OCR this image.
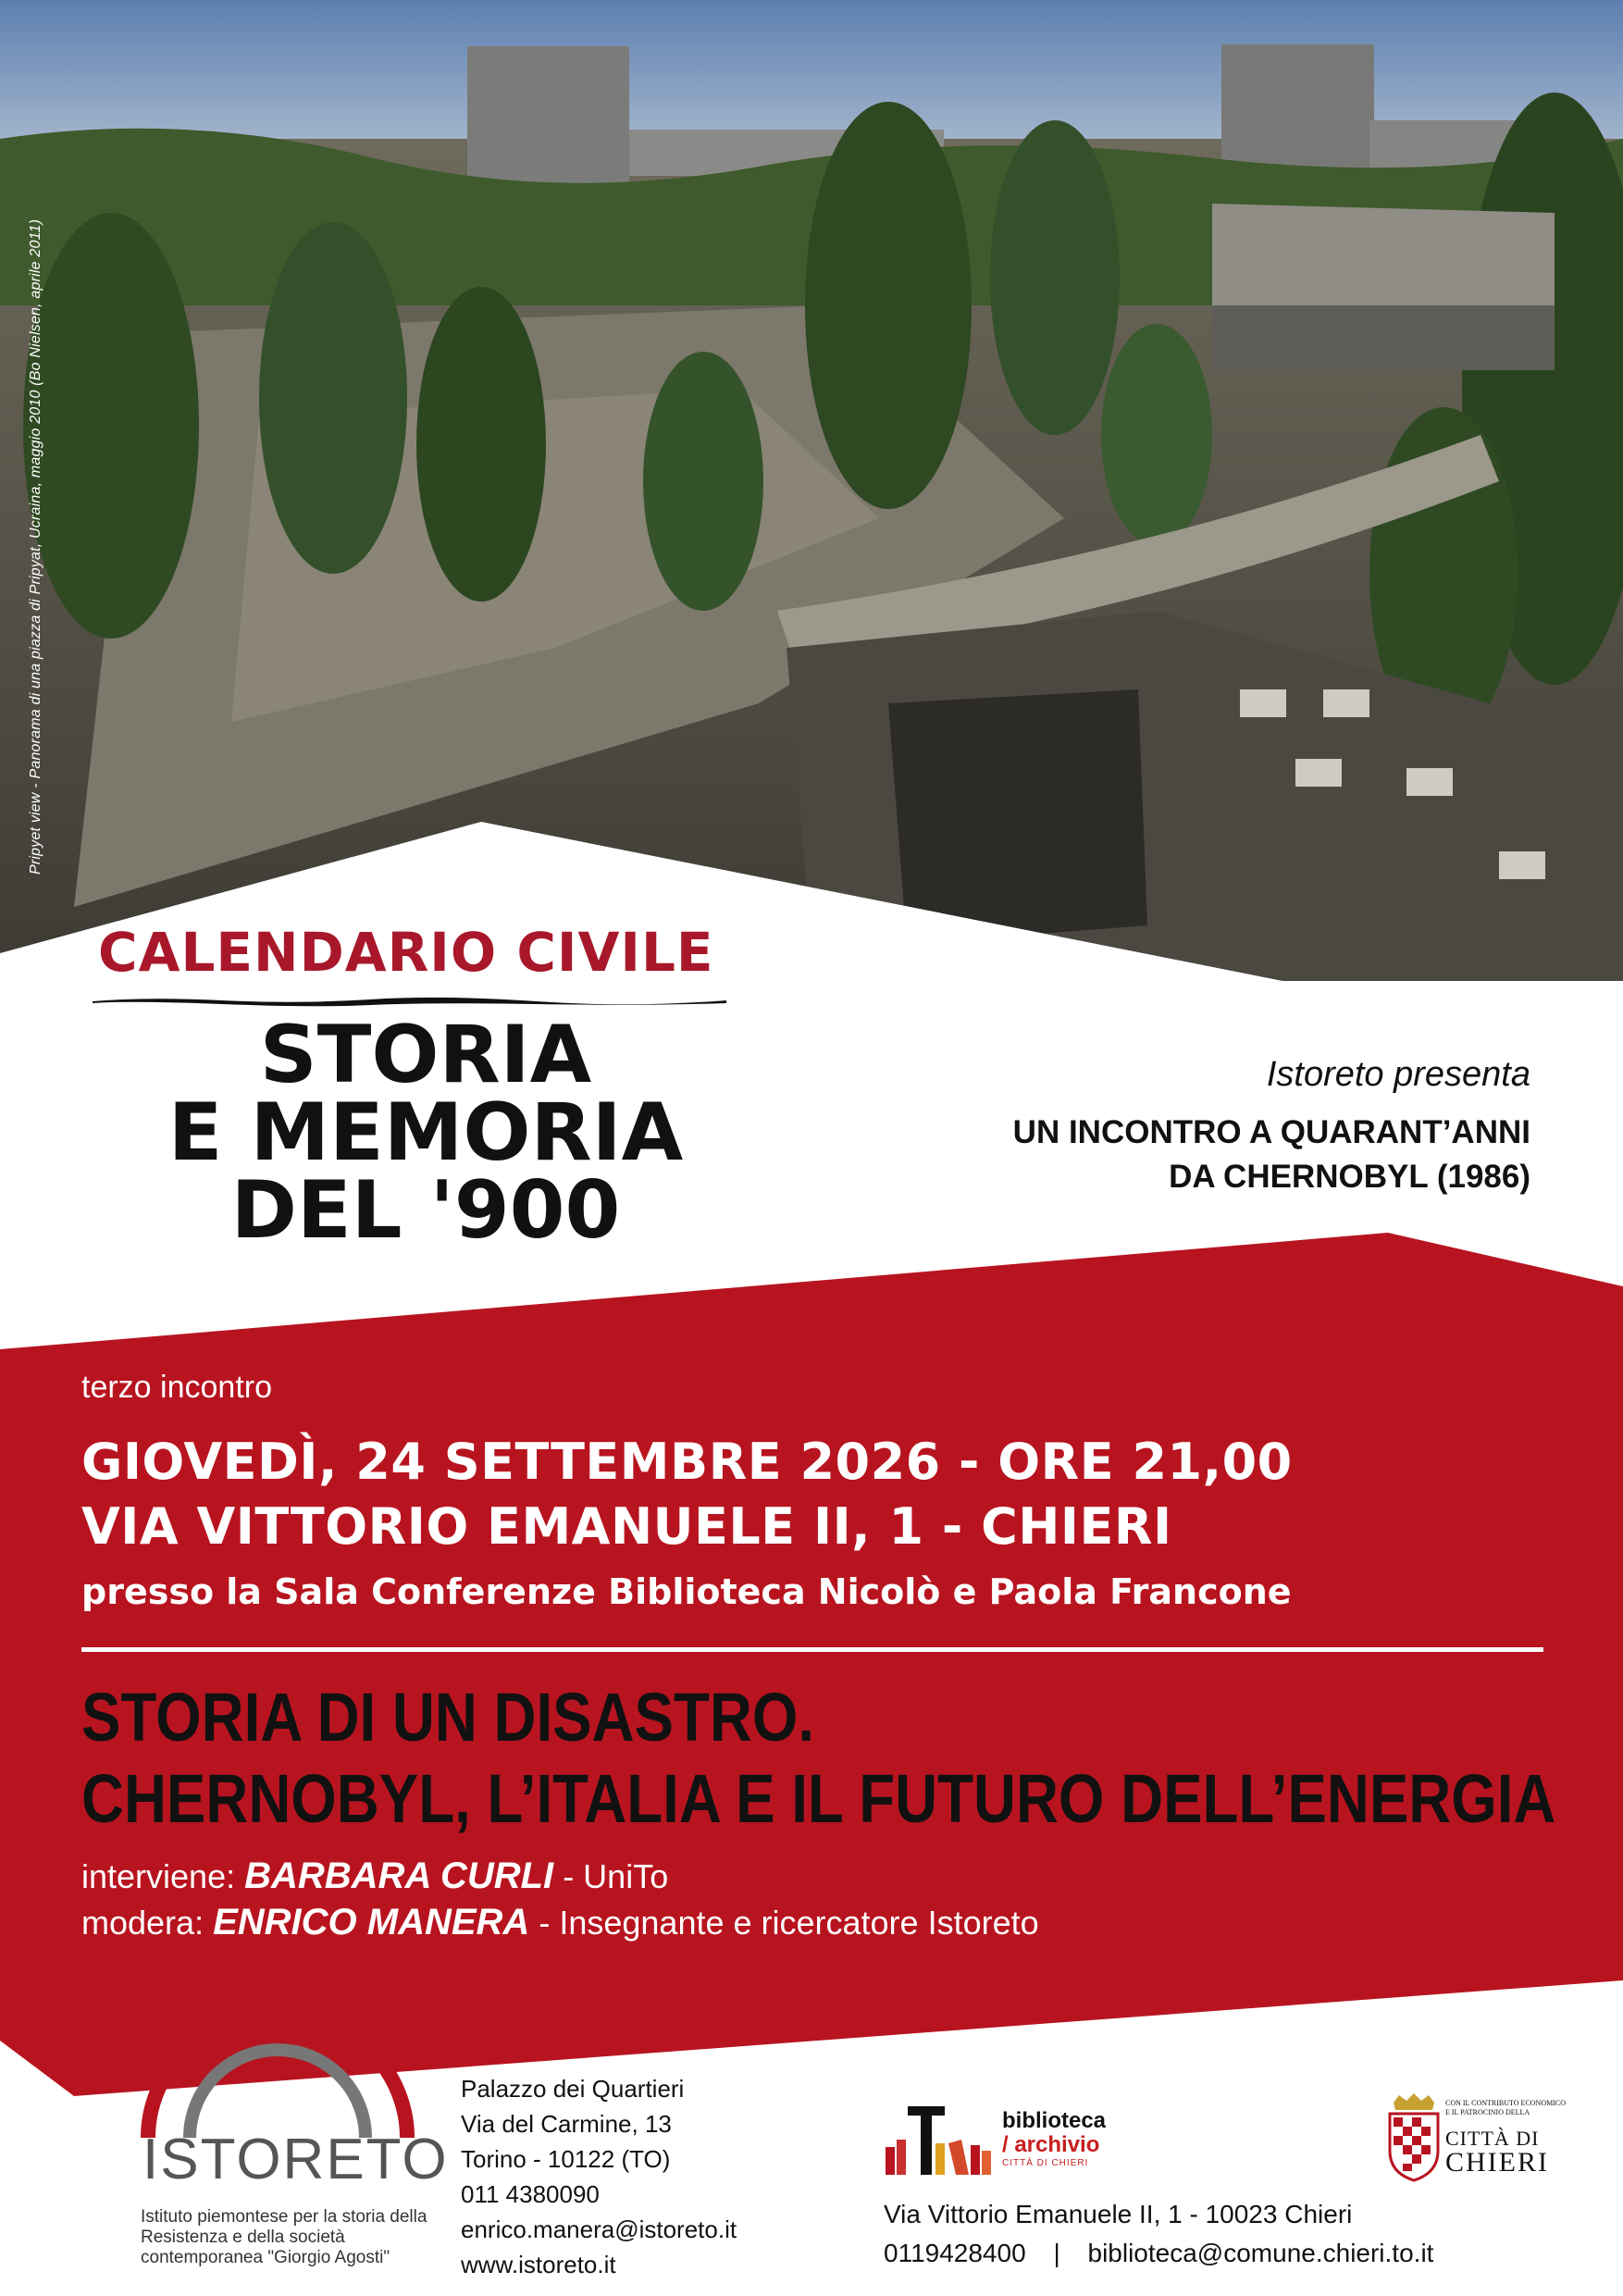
Pripyet view - Panorama di una piazza di Pripyat, Ucraina, maggio 2010 (Bo Nielsen, aprile 2011)
CALENDARIO CIVILE
STORIA
E MEMORIA
DEL '900
Istoreto presenta
UN INCONTRO A QUARANT’ANNI
DA CHERNOBYL (1986)
terzo incontro
GIOVEDÌ, 24 SETTEMBRE 2026 - ORE 21,00
VIA VITTORIO EMANUELE II, 1 - CHIERI
presso la Sala Conferenze Biblioteca Nicolò e Paola Francone
STORIA DI UN DISASTRO.
CHERNOBYL, L’ITALIA E IL FUTURO DELL’ENERGIA
interviene: BARBARA CURLI - UniTo
modera: ENRICO MANERA - Insegnante e ricercatore Istoreto
ISTORETO
Istituto piemontese per la storia della Resistenza e della società contemporanea "Giorgio Agosti"
Palazzo dei Quartieri
Via del Carmine, 13
Torino - 10122 (TO)
011 4380090
enrico.manera@istoreto.it
www.istoreto.it
biblioteca
/ archivio
CITTÀ DI CHIERI
Via Vittorio Emanuele II, 1 - 10023 Chieri
0119428400 | biblioteca@comune.chieri.to.it
CON IL CONTRIBUTO ECONOMICO E IL PATROCINIO DELLA
CITTÀ DI
CHIERI
